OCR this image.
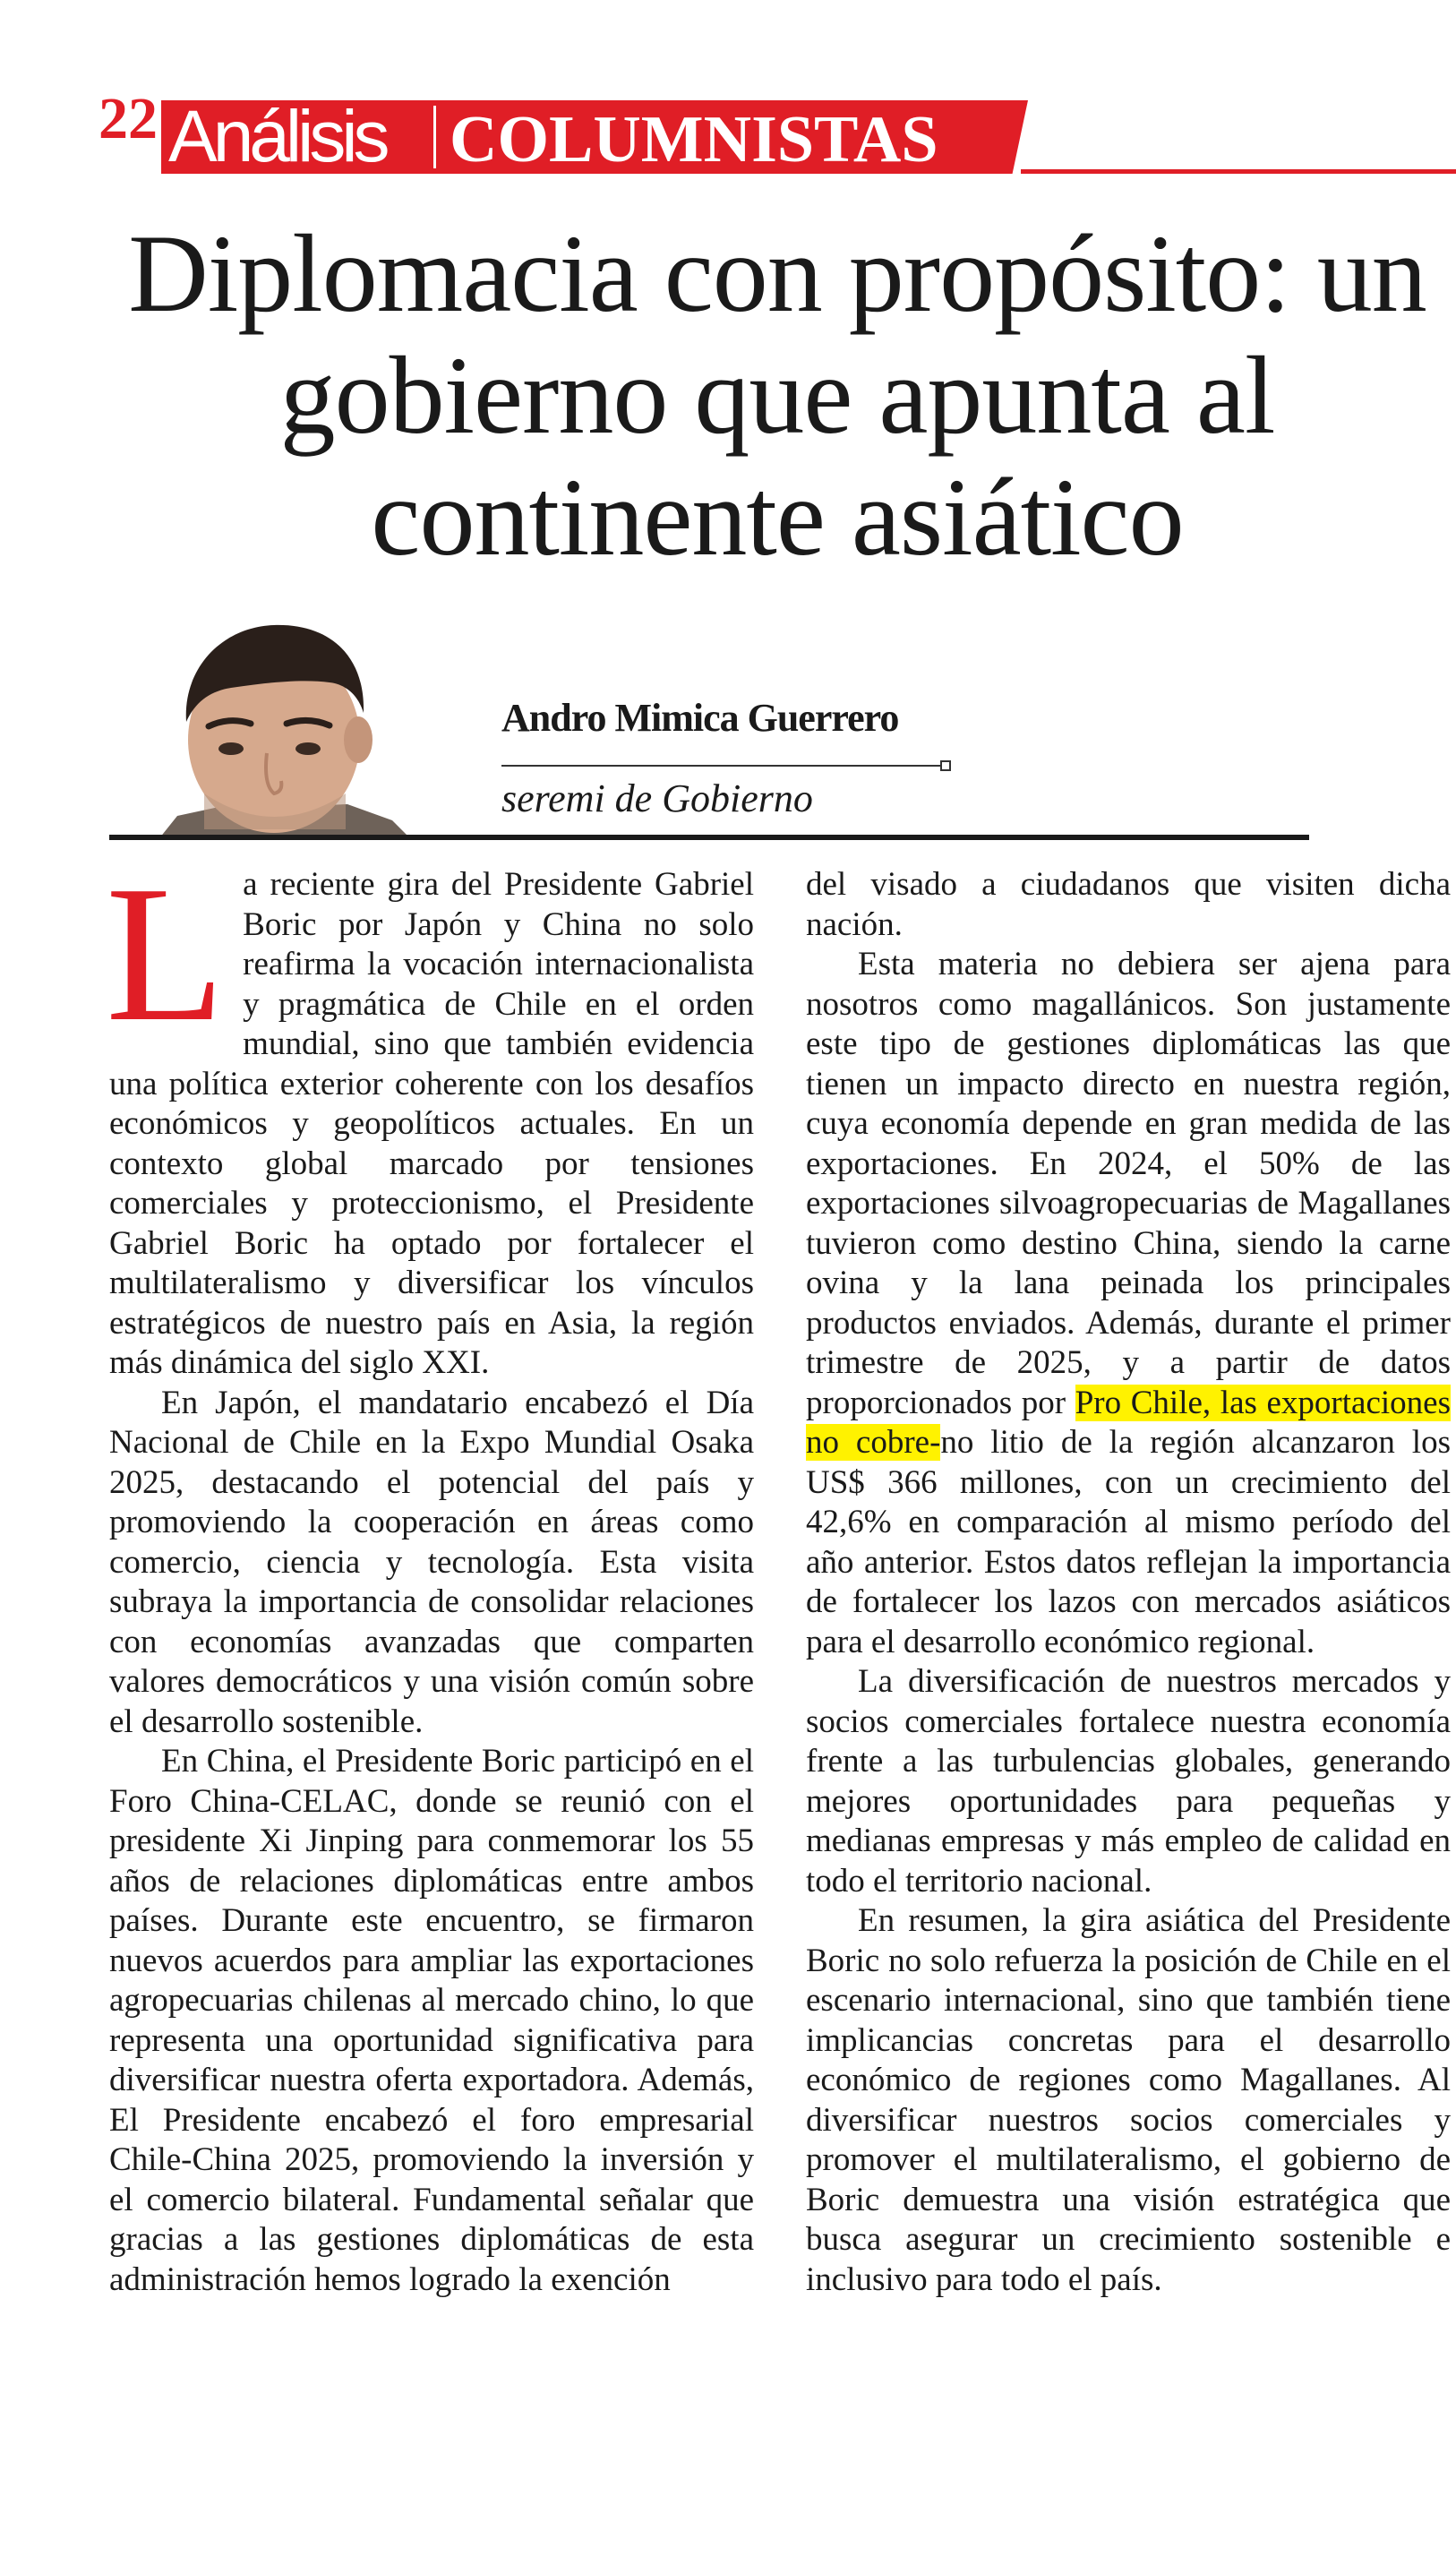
22 Análisis COLUMNISTAS
Diplomacia con propósito: un gobierno que apunta al continente asiático
Andro Mimica Guerrero
seremi de Gobierno

La reciente gira del Presidente Gabriel Boric por Japón y China no solo reafirma la vocación internacionalista y pragmática de Chile en el orden mundial, sino que también evidencia una política exterior coherente con los desafíos económicos y geopolíticos actuales. En un contexto global marcado por tensiones comerciales y proteccionismo, el Presidente Gabriel Boric ha optado por fortalecer el multilateralismo y diversificar los vínculos estratégicos de nuestro país en Asia, la región más dinámica del siglo XXI.

En Japón, el mandatario encabezó el Día Nacional de Chile en la Expo Mundial Osaka 2025, destacando el potencial del país y promoviendo la cooperación en áreas como comercio, ciencia y tecnología. Esta visita subraya la importancia de consolidar relaciones con economías avanzadas que comparten valores democráticos y una visión común sobre el desarrollo sostenible.

En China, el Presidente Boric participó en el Foro China-CELAC, donde se reunió con el presidente Xi Jinping para conmemorar los 55 años de relaciones diplomáticas entre ambos países. Durante este encuentro, se firmaron nuevos acuerdos para ampliar las exportaciones agropecuarias chilenas al mercado chino, lo que representa una oportunidad significativa para diversificar nuestra oferta exportadora. Además, El Presidente encabezó el foro empresarial Chile-China 2025, promoviendo la inversión y el comercio bilateral. Fundamental señalar que gracias a las gestiones diplomáticas de esta administración hemos logrado la exención

del visado a ciudadanos que visiten dicha nación.

Esta materia no debiera ser ajena para nosotros como magallánicos. Son justamente este tipo de gestiones diplomáticas las que tienen un impacto directo en nuestra región, cuya economía depende en gran medida de las exportaciones. En 2024, el 50% de las exportaciones silvoagropecuarias de Magallanes tuvieron como destino China, siendo la carne ovina y la lana peinada los principales productos enviados. Además, durante el primer trimestre de 2025, y a partir de datos proporcionados por Pro Chile, las exportaciones no cobre-no litio de la región alcanzaron los US$ 366 millones, con un crecimiento del 42,6% en comparación al mismo período del año anterior. Estos datos reflejan la importancia de fortalecer los lazos con mercados asiáticos para el desarrollo económico regional.

La diversificación de nuestros mercados y socios comerciales fortalece nuestra economía frente a las turbulencias globales, generando mejores oportunidades para pequeñas y medianas empresas y más empleo de calidad en todo el territorio nacional.

En resumen, la gira asiática del Presidente Boric no solo refuerza la posición de Chile en el escenario internacional, sino que también tiene implicancias concretas para el desarrollo económico de regiones como Magallanes. Al diversificar nuestros socios comerciales y promover el multilateralismo, el gobierno de Boric demuestra una visión estratégica que busca asegurar un crecimiento sostenible e inclusivo para todo el país.
